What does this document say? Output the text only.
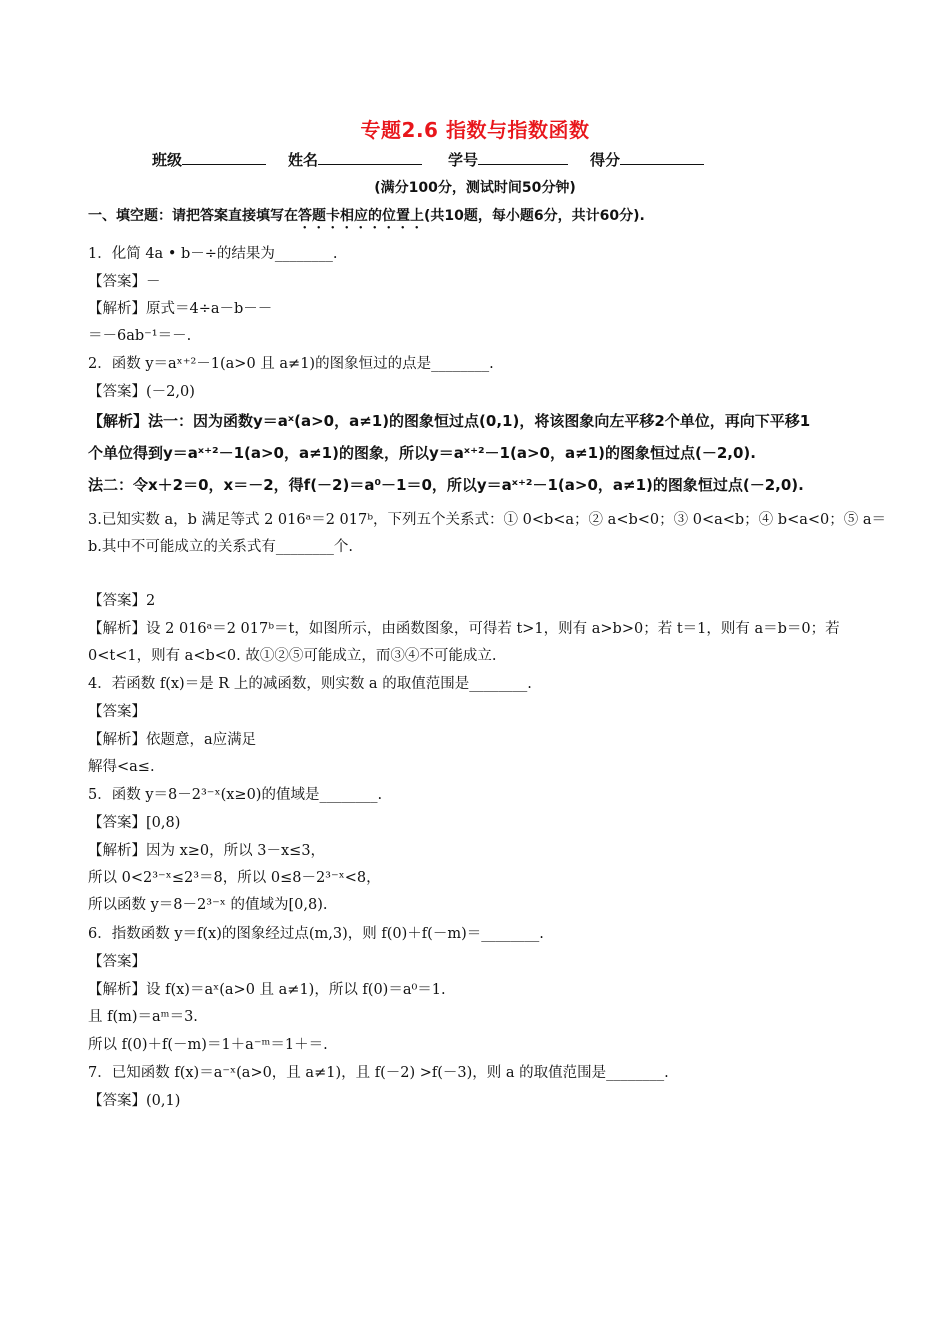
专题2.6 指数与指数函数
班级	姓名	学号	得分
(满分100分，测试时间50分钟)
一、填空题：请把答案直接填写在答题卡相应的位置上(共10题，每小题6分，共计60分).
1．化简 4a • b－÷的结果为________.
【答案】－
【解析】原式＝4÷a－b－－
＝－6ab⁻¹＝－.
2．函数 y＝aˣ⁺²－1(a>0 且 a≠1)的图象恒过的点是________.
【答案】(－2,0)
【解析】法一：因为函数y＝aˣ(a>0，a≠1)的图象恒过点(0,1)，将该图象向左平移2个单位，再向下平移1
个单位得到y＝aˣ⁺²－1(a>0，a≠1)的图象，所以y＝aˣ⁺²－1(a>0，a≠1)的图象恒过点(－2,0).
法二：令x＋2＝0，x＝－2，得f(－2)＝a⁰－1＝0，所以y＝aˣ⁺²－1(a>0，a≠1)的图象恒过点(－2,0).
3.已知实数 a，b 满足等式 2 016ᵃ＝2 017ᵇ，下列五个关系式：① 0<b<a；② a<b<0；③ 0<a<b；④ b<a<0；⑤ a＝
b.其中不可能成立的关系式有________个.
【答案】2
【解析】设 2 016ᵃ＝2 017ᵇ＝t，如图所示，由函数图象，可得若 t>1，则有 a>b>0；若 t＝1，则有 a＝b＝0；若
0<t<1，则有 a<b<0. 故①②⑤可能成立，而③④不可能成立.
4．若函数 f(x)＝是 R 上的减函数，则实数 a 的取值范围是________.
【答案】
【解析】依题意，a应满足
解得<a≤.
5．函数 y＝8－2³⁻ˣ(x≥0)的值域是________.
【答案】[0,8)
【解析】因为 x≥0，所以 3－x≤3，
所以 0<2³⁻ˣ≤2³＝8，所以 0≤8－2³⁻ˣ<8，
所以函数 y＝8－2³⁻ˣ 的值域为[0,8).
6．指数函数 y＝f(x)的图象经过点(m,3)，则 f(0)＋f(－m)＝________.
【答案】
【解析】设 f(x)＝aˣ(a>0 且 a≠1)，所以 f(0)＝a⁰＝1.
且 f(m)＝aᵐ＝3.
所以 f(0)＋f(－m)＝1＋a⁻ᵐ＝1＋＝.
7．已知函数 f(x)＝a⁻ˣ(a>0，且 a≠1)，且 f(－2) >f(－3)，则 a 的取值范围是________.
【答案】(0,1)
